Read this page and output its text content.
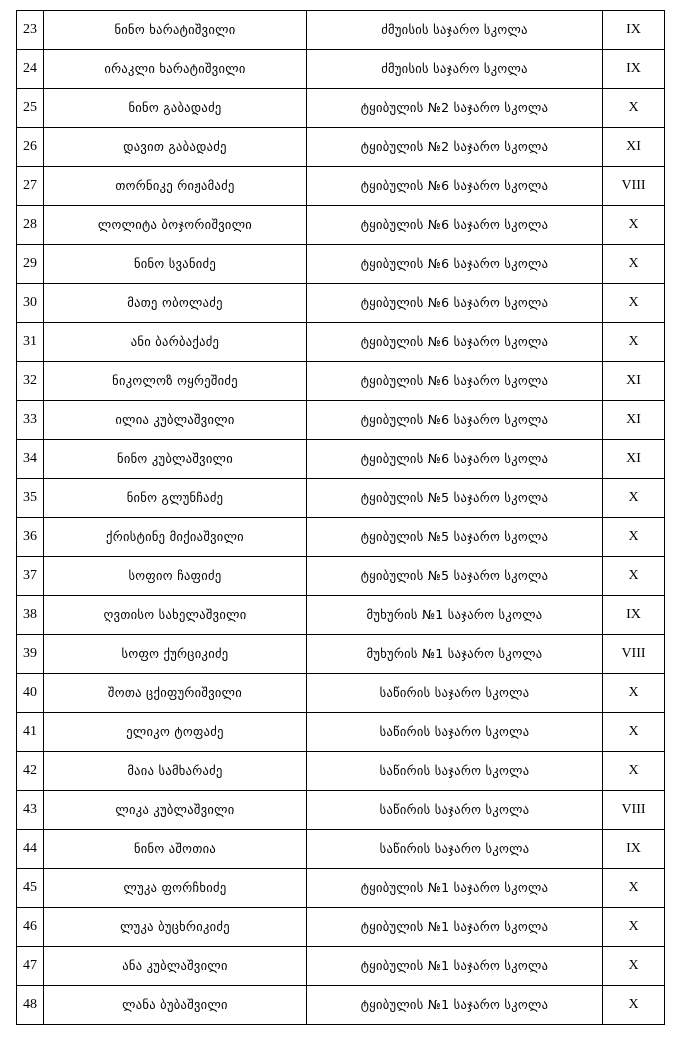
23	ნინო ხარატიშვილი	ძმუისის საჯარო სკოლა	IX
24	ირაკლი ხარატიშვილი	ძმუისის საჯარო სკოლა	IX
25	ნინო გაბადაძე	ტყიბულის №2 საჯარო სკოლა	X
26	დავით გაბადაძე	ტყიბულის №2 საჯარო სკოლა	XI
27	თორნიკე რიჟამაძე	ტყიბულის №6 საჯარო სკოლა	VIII
28	ლოლიტა ბოჯორიშვილი	ტყიბულის №6 საჯარო სკოლა	X
29	ნინო სვანიძე	ტყიბულის №6 საჯარო სკოლა	X
30	მათე ობოლაძე	ტყიბულის №6 საჯარო სკოლა	X
31	ანი ბარბაქაძე	ტყიბულის №6 საჯარო სკოლა	X
32	ნიკოლოზ ოყრეშიძე	ტყიბულის №6 საჯარო სკოლა	XI
33	ილია კუბლაშვილი	ტყიბულის №6 საჯარო სკოლა	XI
34	ნინო კუბლაშვილი	ტყიბულის №6 საჯარო სკოლა	XI
35	ნინო გლუნჩაძე	ტყიბულის №5 საჯარო სკოლა	X
36	ქრისტინე მიქიაშვილი	ტყიბულის №5 საჯარო სკოლა	X
37	სოფიო ჩაფიძე	ტყიბულის №5 საჯარო სკოლა	X
38	ღვთისო სახელაშვილი	მუხურის №1 საჯარო სკოლა	IX
39	სოფო ქურციკიძე	მუხურის №1 საჯარო სკოლა	VIII
40	შოთა ცქიფურიშვილი	საწირის საჯარო სკოლა	X
41	ელიკო ტოფაძე	საწირის საჯარო სკოლა	X
42	მაია სამხარაძე	საწირის საჯარო სკოლა	X
43	ლიკა კუბლაშვილი	საწირის საჯარო სკოლა	VIII
44	ნინო აშოთია	საწირის საჯარო სკოლა	IX
45	ლუკა ფორჩხიძე	ტყიბულის №1 საჯარო სკოლა	X
46	ლუკა ბუცხრიკიძე	ტყიბულის №1 საჯარო სკოლა	X
47	ანა კუბლაშვილი	ტყიბულის №1 საჯარო სკოლა	X
48	ლანა ბუბაშვილი	ტყიბულის №1 საჯარო სკოლა	X
